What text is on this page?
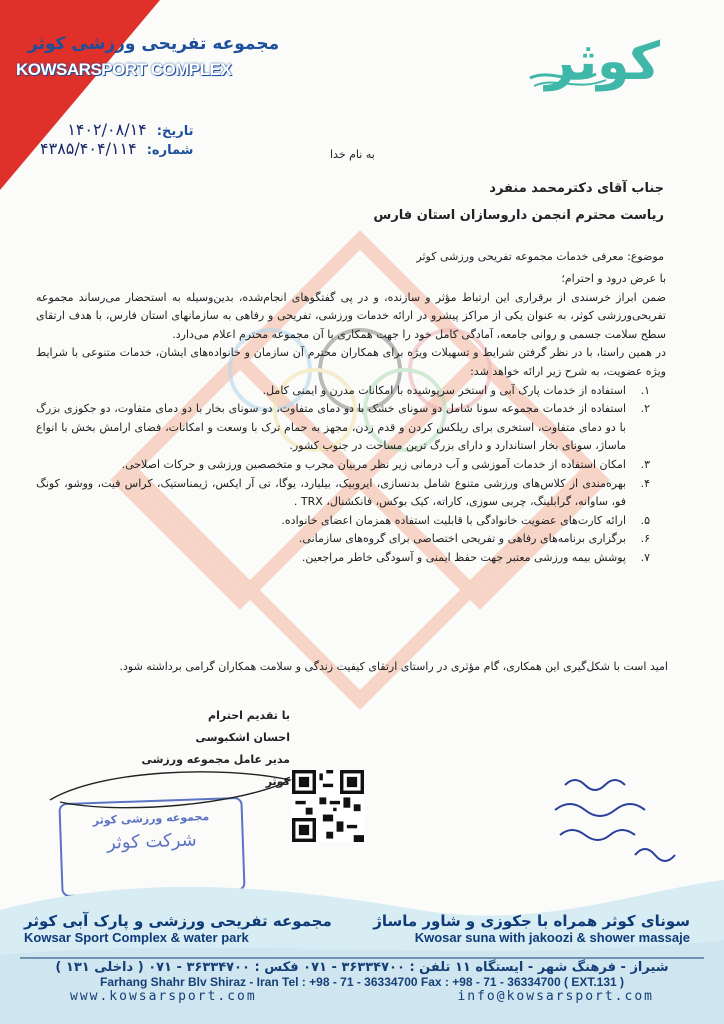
مجموعه تفریحی ورزشی کوثر
KOWSARSPORT COMPLEX	کوثر
تاریخ:
۱۴۰۲/۰۸/۱۴
شماره:
۴۳۸۵/۴۰۴/۱۱۴	به نام خدا
جناب آقای دکترمحمد منفرد
ریاست محترم انجمن داروسازان استان فارس
موضوع: معرفی خدمات مجموعه تفریحی ورزشی کوثر

با عرض درود و احترام؛

ضمن ابراز خرسندی از برقراری این ارتباط مؤثر و سازنده، و در پی گفتگوهای انجام‌شده، بدین‌وسیله به استحضار می‌رساند مجموعه تفریحی‌ورزشی کوثر، به عنوان یکی از مراکز پیشرو در ارائه خدمات ورزشی، تفریحی و رفاهی به سازمانهای استان فارس، با هدف ارتقای سطح سلامت جسمی و روانی جامعه، آمادگی کامل خود را جهت همکاری با آن مجموعه محترم اعلام می‌دارد.

در همین راستا، با در نظر گرفتن شرایط و تسهیلات ویژه برای همکاران محترم آن سازمان و خانواده‌های ایشان، خدمات متنوعی با شرایط ویژه عضویت، به شرح زیر ارائه خواهد شد:

۱.
استفاده از خدمات پارک آبی و استخر سرپوشیده با امکانات مدرن و ایمنی کامل.
۲.
استفاده از خدمات مجموعه سونا شامل دو سونای خشک با دو دمای متفاوت، دو سونای بخار با دو دمای متفاوت، دو جکوزی بزرگ با دو دمای متفاوت، استخری برای ریلکس کردن و قدم زدن، مجهز به حمام ترک با وسعت و امکانات، فضای ارامش بخش با انواع ماساژ، سونای بخار استاندارد و دارای بزرگ ترین مساحت در جنوب کشور.
۳.
امکان استفاده از خدمات آموزشی و آب درمانی زیر نظر مربیان مجرب و متخصصین ورزشی و حرکات اصلاحی.
۴.
بهره‌مندی از کلاس‌های ورزشی متنوع شامل بدنسازی، ایروبیک، بیلیارد، یوگا، تی آر ایکس، ژیمناستیک، کراس فیت، ووشو، کونگ فو، ساوانه، گرابلینگ، چربی سوزی، کاراته، کیک بوکس، فانکشنال، TRX .
۵.
ارائه کارت‌های عضویت خانوادگی با قابلیت استفاده همزمان اعضای خانواده.
۶.
برگزاری برنامه‌های رفاهی و تفریحی اختصاصی برای گروه‌های سازمانی.
۷.
پوشش بیمه ورزشی معتبر جهت حفظ ایمنی و آسودگی خاطر مراجعین.
امید است با شکل‌گیری این همکاری، گام مؤثری در راستای ارتقای کیفیت زندگی و سلامت همکاران گرامی برداشته شود.
با تقدیم احترام
احسان اشکبوسی
مدیر عامل مجموعه ورزشی کوثر
مجموعه ورزشی کوثر
شرکت کوثر
مجموعه تفریحی ورزشی و پارک آبی کوثر
Kowsar Sport Complex & water park
سونای کوثر همراه با جکوزی و شاور ماساژ
Kwosar suna with jakoozi & shower massaje
شیراز - فرهنگ شهر - ایستگاه ۱۱ تلفن : ۳۶۳۳۴۷۰۰ - ۰۷۱ فکس : ۳۶۳۳۴۷۰۰ - ۰۷۱ ( داخلی ۱۳۱ )
Farhang Shahr Blv Shiraz - Iran Tel : +98 - 71 - 36334700 Fax : +98 - 71 - 36334700 ( EXT.131 )
www.kowsarsport.com	info@kowsarsport.com
